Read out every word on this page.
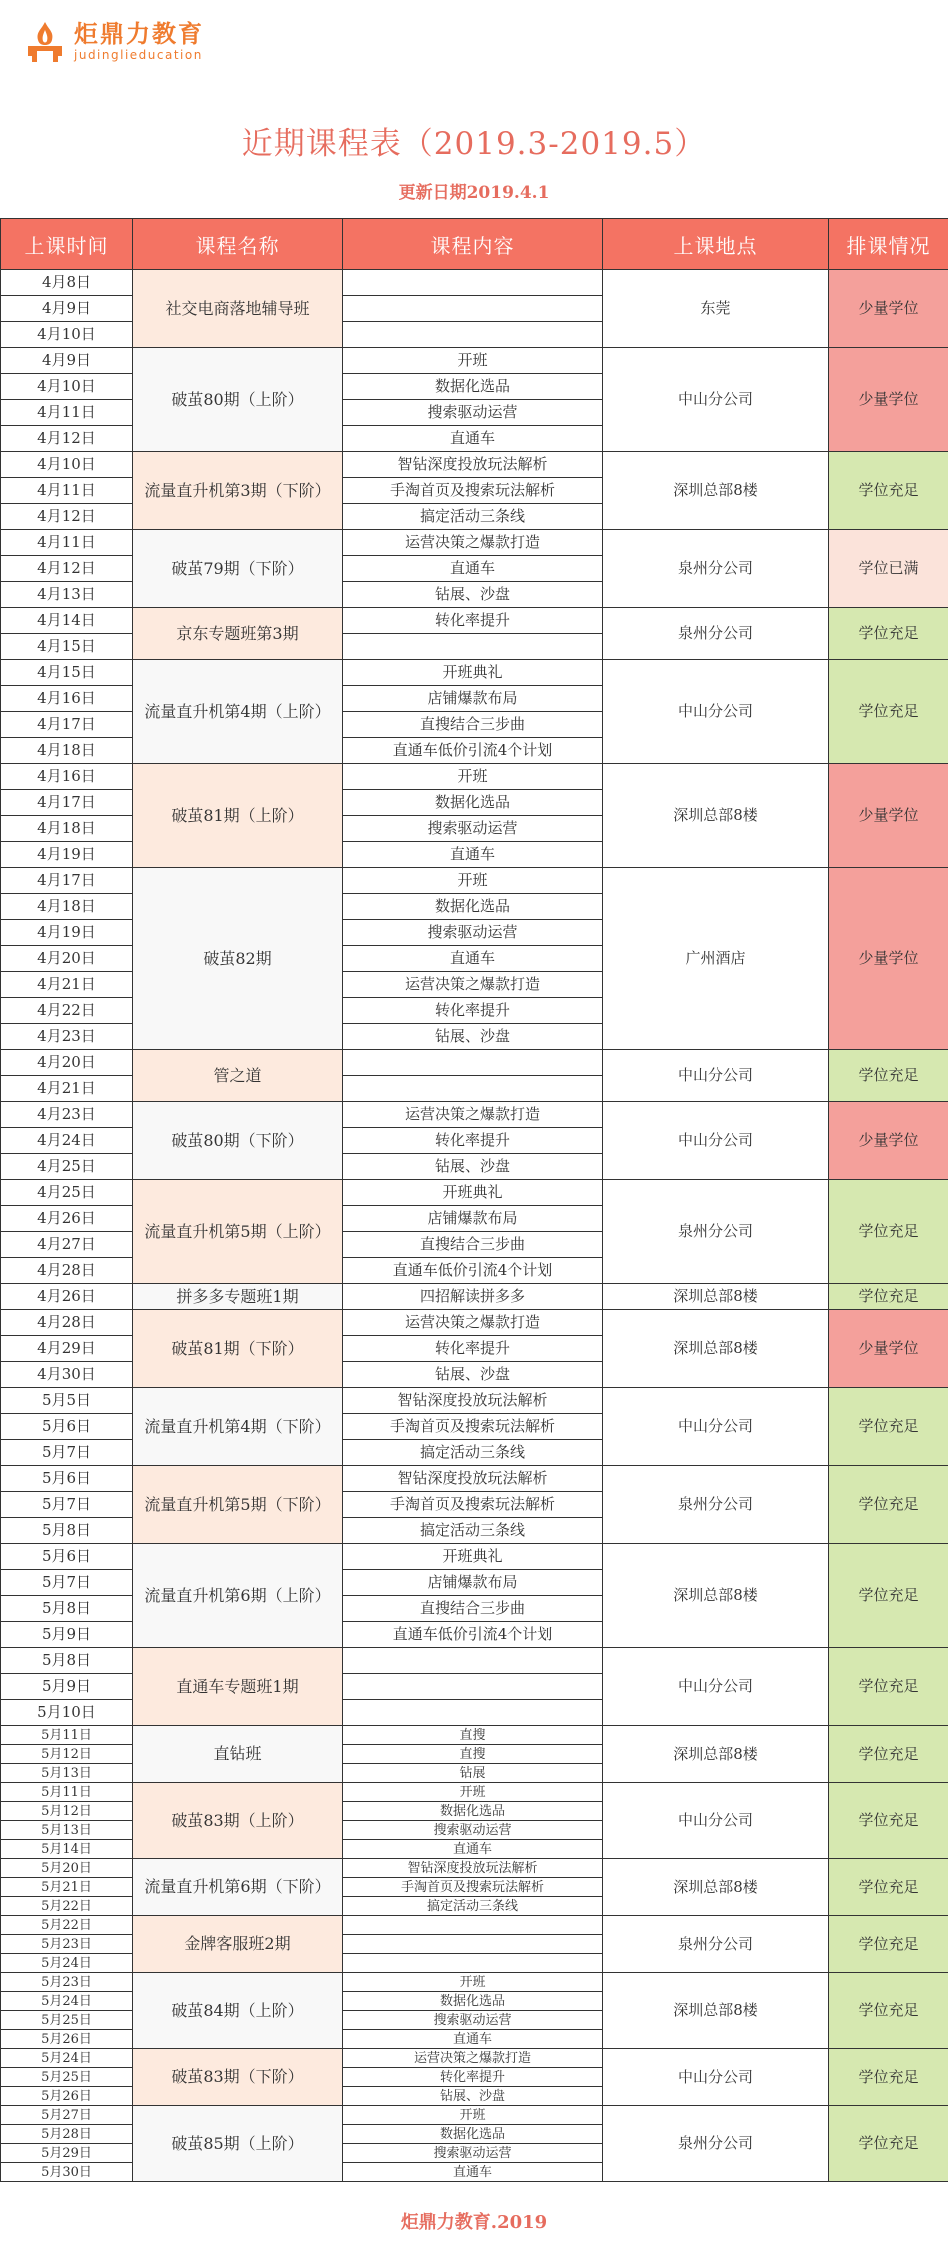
炬鼎力教育
judinglieducation
近期课程表（2019.3-2019.5）
更新日期2019.4.1
上课时间	课程名称	课程内容	上课地点	排课情况
4月8日	社交电商落地辅导班		东莞	少量学位
4月9日				
4月10日				
4月9日	破茧80期（上阶）	开班	中山分公司	少量学位
4月10日		数据化选品		
4月11日		搜索驱动运营		
4月12日		直通车		
4月10日	流量直升机第3期（下阶）	智钻深度投放玩法解析	深圳总部8楼	学位充足
4月11日		手淘首页及搜索玩法解析		
4月12日		搞定活动三条线		
4月11日	破茧79期（下阶）	运营决策之爆款打造	泉州分公司	学位已满
4月12日		直通车		
4月13日		钻展、沙盘		
4月14日	京东专题班第3期	转化率提升	泉州分公司	学位充足
4月15日				
4月15日	流量直升机第4期（上阶）	开班典礼	中山分公司	学位充足
4月16日		店铺爆款布局		
4月17日		直搜结合三步曲		
4月18日		直通车低价引流4个计划		
4月16日	破茧81期（上阶）	开班	深圳总部8楼	少量学位
4月17日		数据化选品		
4月18日		搜索驱动运营		
4月19日		直通车		
4月17日	破茧82期	开班	广州酒店	少量学位
4月18日		数据化选品		
4月19日		搜索驱动运营		
4月20日		直通车		
4月21日		运营决策之爆款打造		
4月22日		转化率提升		
4月23日		钻展、沙盘		
4月20日	管之道		中山分公司	学位充足
4月21日				
4月23日	破茧80期（下阶）	运营决策之爆款打造	中山分公司	少量学位
4月24日		转化率提升		
4月25日		钻展、沙盘		
4月25日	流量直升机第5期（上阶）	开班典礼	泉州分公司	学位充足
4月26日		店铺爆款布局		
4月27日		直搜结合三步曲		
4月28日		直通车低价引流4个计划		
4月26日	拼多多专题班1期	四招解读拼多多	深圳总部8楼	学位充足
4月28日	破茧81期（下阶）	运营决策之爆款打造	深圳总部8楼	少量学位
4月29日		转化率提升		
4月30日		钻展、沙盘		
5月5日	流量直升机第4期（下阶）	智钻深度投放玩法解析	中山分公司	学位充足
5月6日		手淘首页及搜索玩法解析		
5月7日		搞定活动三条线		
5月6日	流量直升机第5期（下阶）	智钻深度投放玩法解析	泉州分公司	学位充足
5月7日		手淘首页及搜索玩法解析		
5月8日		搞定活动三条线		
5月6日	流量直升机第6期（上阶）	开班典礼	深圳总部8楼	学位充足
5月7日		店铺爆款布局		
5月8日		直搜结合三步曲		
5月9日		直通车低价引流4个计划		
5月8日	直通车专题班1期		中山分公司	学位充足
5月9日				
5月10日				
5月11日	直钻班	直搜	深圳总部8楼	学位充足
5月12日		直搜		
5月13日		钻展		
5月11日	破茧83期（上阶）	开班	中山分公司	学位充足
5月12日		数据化选品		
5月13日		搜索驱动运营		
5月14日		直通车		
5月20日	流量直升机第6期（下阶）	智钻深度投放玩法解析	深圳总部8楼	学位充足
5月21日		手淘首页及搜索玩法解析		
5月22日		搞定活动三条线		
5月22日	金牌客服班2期		泉州分公司	学位充足
5月23日				
5月24日				
5月23日	破茧84期（上阶）	开班	深圳总部8楼	学位充足
5月24日		数据化选品		
5月25日		搜索驱动运营		
5月26日		直通车		
5月24日	破茧83期（下阶）	运营决策之爆款打造	中山分公司	学位充足
5月25日		转化率提升		
5月26日		钻展、沙盘		
5月27日	破茧85期（上阶）	开班	泉州分公司	学位充足
5月28日		数据化选品		
5月29日		搜索驱动运营		
5月30日		直通车		
炬鼎力教育.2019
